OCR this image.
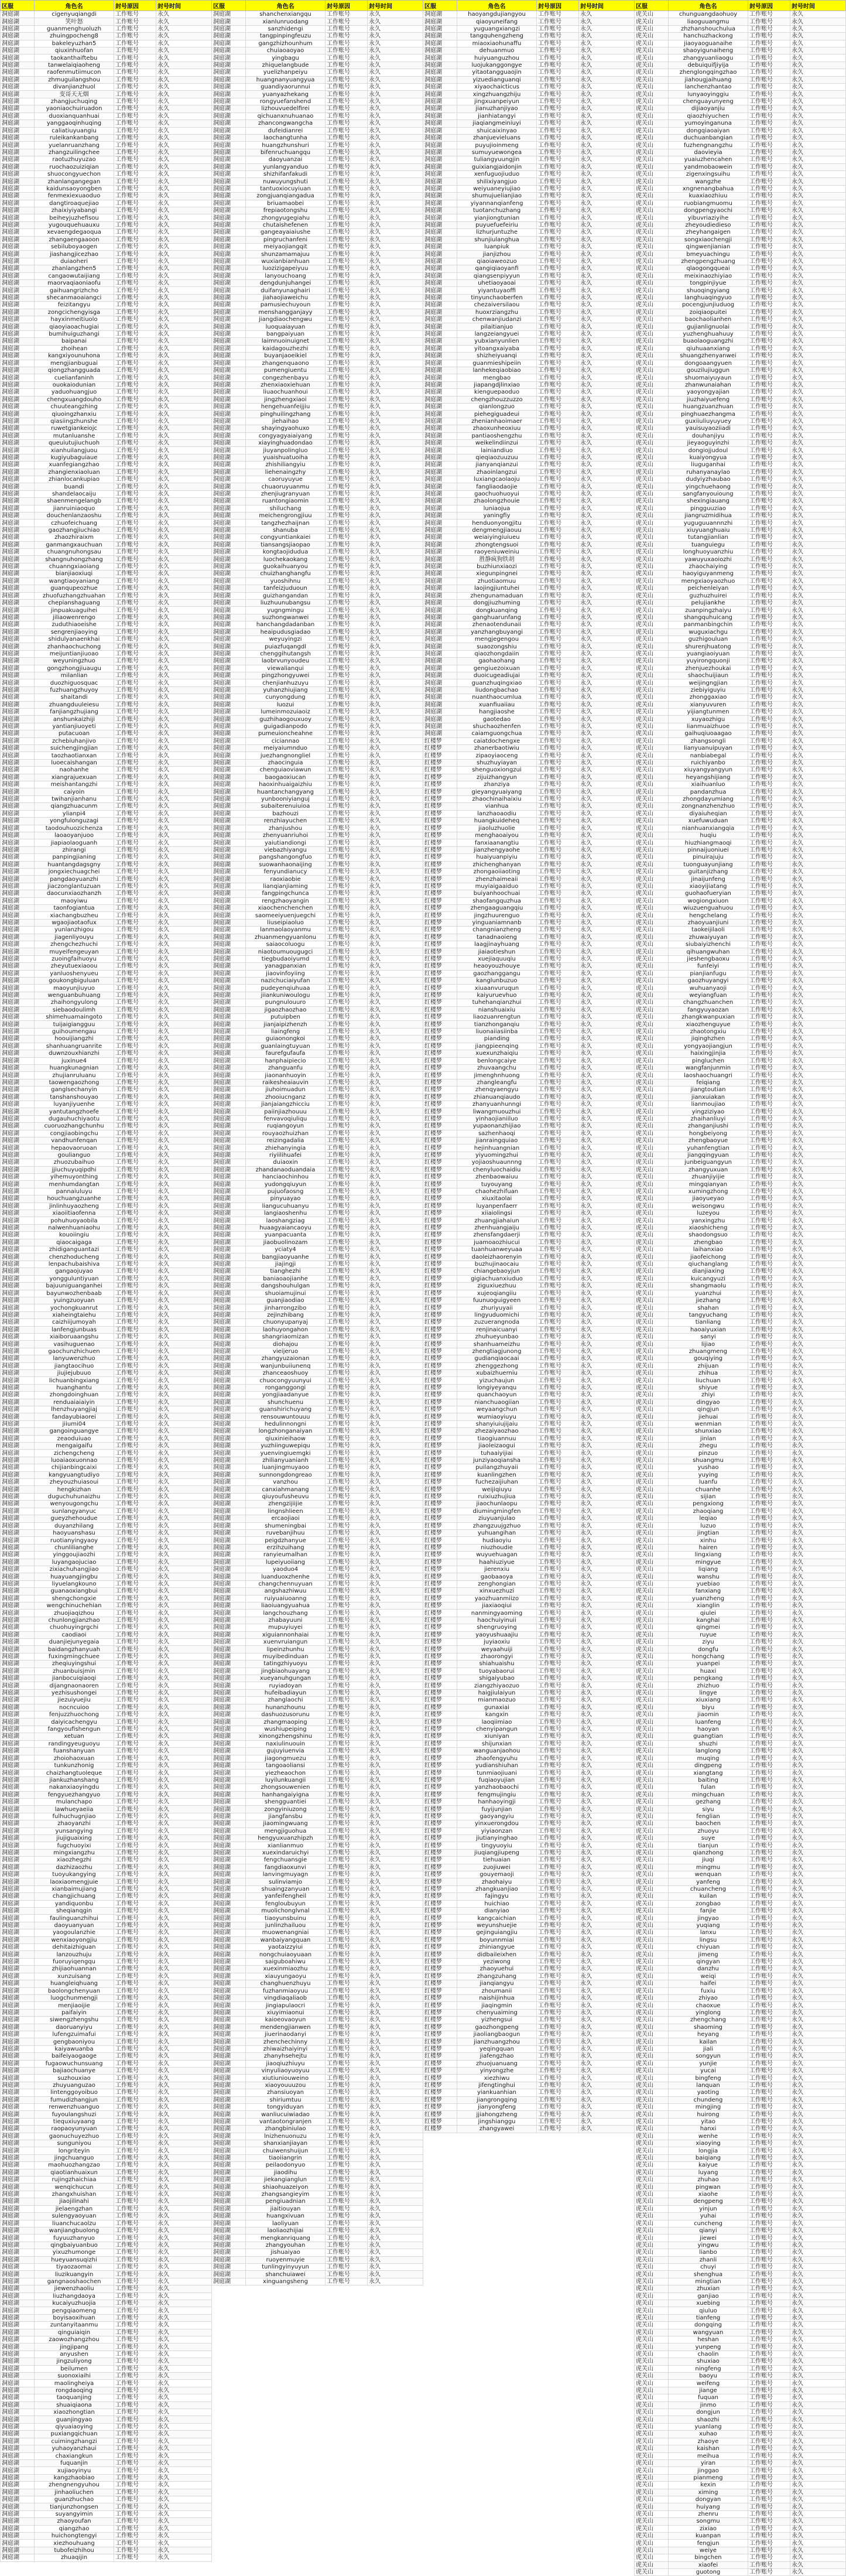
区服	角色名	封号原因	封号时间
洞庭湖	cigenyuqiangdi	工作账号	永久
洞庭湖	笑叶怒	工作账号	永久
洞庭湖	guanmenghuoluzh	工作账号	永久
洞庭湖	zhuingpocheng8	工作账号	永久
洞庭湖	bakeleyuzhan5	工作账号	永久
洞庭湖	qiuxinhuofan	工作账号	永久
洞庭湖	taokanthaiftebu	工作账号	永久
洞庭湖	tanwelaiqiaoheng	工作账号	永久
洞庭湖	raofenmutiimucon	工作账号	永久
洞庭湖	zhmuguilangshou	工作账号	永久
洞庭湖	divanjianzhuol	工作账号	永久
洞庭湖	变哥天无烟	工作账号	永久
洞庭湖	zhangjuchuqing	工作账号	永久
洞庭湖	yaoniaochuiruadon	工作账号	永久
洞庭湖	duoxianquanhuai	工作账号	永久
洞庭湖	yanggaoqinhuqing	工作账号	永久
洞庭湖	caliatiuyuangiu	工作账号	永久
洞庭湖	ruleikankanbang	工作账号	永久
洞庭湖	yuelanruanzhang	工作账号	永久
洞庭湖	zhangzuilingchee	工作账号	永久
洞庭湖	raotuzhuyuzao	工作账号	永久
洞庭湖	ruochaozuiziqian	工作账号	永久
洞庭湖	shuocongyuechon	工作账号	永久
洞庭湖	zhanlangangegan	工作账号	永久
洞庭湖	kaidunsaoyongben	工作账号	永久
洞庭湖	fenmexiexuaoduo	工作账号	永久
洞庭湖	dangtiroaquejiao	工作账号	永久
洞庭湖	zhaixiyiyabangi	工作账号	永久
洞庭湖	beiheyjuzhefisou	工作账号	永久
洞庭湖	yugouquehuauxu	工作账号	永久
洞庭湖	xevaengdegaoqua	工作账号	永久
洞庭湖	zhangaengaaoon	工作账号	永久
洞庭湖	sebiluboyaogen	工作账号	永久
洞庭湖	jiashangjicezhao	工作账号	永久
洞庭湖	duiaoheri	工作账号	永久
洞庭湖	zhanlangzhen5	工作账号	永久
洞庭湖	cangaowutaijiang	工作账号	永久
洞庭湖	maorvaqiaoniaofu	工作账号	永久
洞庭湖	gaihuangrizhcho	工作账号	永久
洞庭湖	shecanmaoaiangci	工作账号	永久
洞庭湖	feizitangyu	工作账号	永久
洞庭湖	zongcichengyisga	工作账号	永久
洞庭湖	hayxinmeitiuolo	工作账号	永久
洞庭湖	qiaoyiaoachugiai	工作账号	永久
洞庭湖	bumihuiguzhangi	工作账号	永久
洞庭湖	baipanai	工作账号	永久
洞庭湖	zhoihean	工作账号	永久
洞庭湖	kangxiyounuhona	工作账号	永久
洞庭湖	mengjianbuguai	工作账号	永久
洞庭湖	qiongzhangguada	工作账号	永久
洞庭湖	cuelianfaninh	工作账号	永久
洞庭湖	ouokaiodunian	工作账号	永久
洞庭湖	yaduohuangjuo	工作账号	永久
洞庭湖	chengxuangdouho	工作账号	永久
洞庭湖	chuuteangzhing	工作账号	永久
洞庭湖	qiuoingzhanxiu	工作账号	永久
洞庭湖	qiasiingzhunshe	工作账号	永久
洞庭湖	ruwetgiankeiojc	工作账号	永久
洞庭湖	mutanluanshe	工作账号	永久
洞庭湖	queuiutujiuchuoh	工作账号	永久
洞庭湖	xianhuilangjuou	工作账号	永久
洞庭湖	kugiyubaguiaue	工作账号	永久
洞庭湖	xuanfegiangzhao	工作账号	永久
洞庭湖	zhangienxiaoluan	工作账号	永久
洞庭湖	zhianlocankupiao	工作账号	永久
洞庭湖	buandi	工作账号	永久
洞庭湖	shandelaocaiju	工作账号	永久
洞庭湖	shaenmengelangb	工作账号	永久
洞庭湖	jianruiniaoquo	工作账号	永久
洞庭湖	douchenlanzaoshu	工作账号	永久
洞庭湖	czhuofeichuang	工作账号	永久
洞庭湖	gaozhangjiuchiao	工作账号	永久
洞庭湖	zhaozhiraixm	工作账号	永久
洞庭湖	ganmangxauchuan	工作账号	永久
洞庭湖	chuangnuhongsau	工作账号	永久
洞庭湖	shangnuhongzhang	工作账号	永久
洞庭湖	chuanngxiaoiang	工作账号	永久
洞庭湖	bianjiaoxiuqi	工作账号	永久
洞庭湖	wangtiaoyaniang	工作账号	永久
洞庭湖	guanqupeozhue	工作账号	永久
洞庭湖	zhuofuzhangzhuahan	工作账号	永久
洞庭湖	chepianshaguang	工作账号	永久
洞庭湖	jinpuakuaguihei	工作账号	永久
洞庭湖	jiliaowenrengo	工作账号	永久
洞庭湖	zuduthiaoeishe	工作账号	永久
洞庭湖	sengrenjiaoying	工作账号	永久
洞庭湖	shidulyanaenkhai	工作账号	永久
洞庭湖	zhanhaochuchong	工作账号	永久
洞庭湖	meijuntianjiuoao	工作账号	永久
洞庭湖	weyuningzhuo	工作账号	永久
洞庭湖	gongzhongjiuaugu	工作账号	永久
洞庭湖	milanlian	工作账号	永久
洞庭湖	duozhiguosquac	工作账号	永久
洞庭湖	fuzhuangzhuyoy	工作账号	永久
洞庭湖	shaitandi	工作账号	永久
洞庭湖	zhuangduuleiesu	工作账号	永久
洞庭湖	fanjiangzhujiang	工作账号	永久
洞庭湖	anshunkaizhiji	工作账号	永久
洞庭湖	yantianjiuoyeti	工作账号	永久
洞庭湖	putacuoan	工作账号	永久
洞庭湖	zchebiuhanjivo	工作账号	永久
洞庭湖	suichengjingjian	工作账号	永久
洞庭湖	taozhaotianxan	工作账号	永久
洞庭湖	luoecaishangan	工作账号	永久
洞庭湖	naohanhe	工作账号	永久
洞庭湖	xiangrajuexuan	工作账号	永久
洞庭湖	meishantangzhi	工作账号	永久
洞庭湖	caiyoin	工作账号	永久
洞庭湖	twihanjianhanu	工作账号	永久
洞庭湖	qiangzhuacunm	工作账号	永久
洞庭湖	ylianpi4	工作账号	永久
洞庭湖	yongfulonguzagi	工作账号	永久
洞庭湖	taodouhuozichenza	工作账号	永久
洞庭湖	laoaoyanjuoo	工作账号	永久
洞庭湖	jiapiaolaoguanh	工作账号	永久
洞庭湖	zhirangi	工作账号	永久
洞庭湖	panpingjianing	工作账号	永久
洞庭湖	huantangdagsgny	工作账号	永久
洞庭湖	jongxiechuagchei	工作账号	永久
洞庭湖	pangdaoyuanzhi	工作账号	永久
洞庭湖	jiaczonglantuzuan	工作账号	永久
洞庭湖	daocunxiaozhanzh	工作账号	永久
洞庭湖	maoyiwu	工作账号	永久
洞庭湖	taonfogiantua	工作账号	永久
洞庭湖	xiachangbuzheu	工作账号	永久
洞庭湖	wgaojiaotaofux	工作账号	永久
洞庭湖	yunlanzhigou	工作账号	永久
洞庭湖	jiagenliyouyu	工作账号	永久
洞庭湖	zhengchezhuchi	工作账号	永久
洞庭湖	muyeifengeuyan	工作账号	永久
洞庭湖	zuoingfaihuoyu	工作账号	永久
洞庭湖	zheyutuexiaoou	工作账号	永久
洞庭湖	yanluoshenyueu	工作账号	永久
洞庭湖	goukongbiguluan	工作账号	永久
洞庭湖	maoyunjiuyuo	工作账号	永久
洞庭湖	wenguanbuhuang	工作账号	永久
洞庭湖	zhaihongyulong	工作账号	永久
洞庭湖	siebaodoulimh	工作账号	永久
洞庭湖	shimehuamaingoto	工作账号	永久
洞庭湖	tuijaigiangguu	工作账号	永久
洞庭湖	guihoumengau	工作账号	永久
洞庭湖	hoouijiangzhi	工作账号	永久
洞庭湖	shanhuangruanrite	工作账号	永久
洞庭湖	duwnzouxhianzhi	工作账号	永久
洞庭湖	juxinue4	工作账号	永久
洞庭湖	huangkunagnian	工作账号	永久
洞庭湖	zhujianruluanu	工作账号	永久
洞庭湖	taowengaozhong	工作账号	永久
洞庭湖	ganglsechanyin	工作账号	永久
洞庭湖	tanshanshouyao	工作账号	永久
洞庭湖	luyanjiyuenhe	工作账号	永久
洞庭湖	yantutangzhoefe	工作账号	永久
洞庭湖	dugauhuchiyaotu	工作账号	永久
洞庭湖	cuoruozhangchunhu	工作账号	永久
洞庭湖	congjiaobingchu	工作账号	永久
洞庭湖	vandhunfenqan	工作账号	永久
洞庭湖	hepaovaoruoan	工作账号	永久
洞庭湖	goulianguo	工作账号	永久
洞庭湖	zhuozubaihuo	工作账号	永久
洞庭湖	jjiuchuyuqipdhi	工作账号	永久
洞庭湖	yihemuyonthing	工作账号	永久
洞庭湖	menhumdangtan	工作账号	永久
洞庭湖	pannaiuluyu	工作账号	永久
洞庭湖	houchuangzuanhe	工作账号	永久
洞庭湖	jinlinhuyaozheng	工作账号	永久
洞庭湖	xiaoiitiaofenna	工作账号	永久
洞庭湖	pohuhuoyaobila	工作账号	永久
洞庭湖	nalwenhuaniaohu	工作账号	永久
洞庭湖	kouoiingiu	工作账号	永久
洞庭湖	qiaocaigaga	工作账号	永久
洞庭湖	zhidiganguantazi	工作账号	永久
洞庭湖	chenzhoducheng	工作账号	永久
洞庭湖	lenpachubaishiva	工作账号	永久
洞庭湖	gangaojuyao	工作账号	永久
洞庭湖	yongguluntiyuan	工作账号	永久
洞庭湖	bajuuniguanganhei	工作账号	永久
洞庭湖	bayunwozhenbaab	工作账号	永久
洞庭湖	yuingzuoyuan	工作账号	永久
洞庭湖	yochongkuanrut	工作账号	永久
洞庭湖	xiaheingtaiehu	工作账号	永久
洞庭湖	caizhiijumoyah	工作账号	永久
洞庭湖	lanfengjunbuas	工作账号	永久
洞庭湖	xiaiboruaangshu	工作账号	永久
洞庭湖	vasihuguenao	工作账号	永久
洞庭湖	gaochunzhichuen	工作账号	永久
洞庭湖	lanyuwenzhuo	工作账号	永久
洞庭湖	jiangtaocihuo	工作账号	永久
洞庭湖	jiujiejubuuo	工作账号	永久
洞庭湖	lichuanbingxiang	工作账号	永久
洞庭湖	huanghantu	工作账号	永久
洞庭湖	zhongdoinghuan	工作账号	永久
洞庭湖	renduaiaiaiyin	工作账号	永久
洞庭湖	lhenzhuyangjiaj	工作账号	永久
洞庭湖	fandayubiaorei	工作账号	永久
洞庭湖	jiiumi04	工作账号	永久
洞庭湖	gangoinguangye	工作账号	永久
洞庭湖	zeaoduiuao	工作账号	永久
洞庭湖	mengaigaifu	工作账号	永久
洞庭湖	zichengcheng	工作账号	永久
洞庭湖	luoaiaoxuonnao	工作账号	永久
洞庭湖	chijianbingcaixi	工作账号	永久
洞庭湖	kangyuangtudiyo	工作账号	永久
洞庭湖	zheyouzhuiasoui	工作账号	永久
洞庭湖	hengkizhan	工作账号	永久
洞庭湖	duguchuhunaizhu	工作账号	永久
洞庭湖	wenyougongchu	工作账号	永久
洞庭湖	sunlangyanyuc	工作账号	永久
洞庭湖	gueyzhehoudue	工作账号	永久
洞庭湖	duyanzhilang	工作账号	永久
洞庭湖	haoyuanshasu	工作账号	永久
洞庭湖	ruotianyingyaoy	工作账号	永久
洞庭湖	chunlilianghe	工作账号	永久
洞庭湖	yinggoujiaozhi	工作账号	永久
洞庭湖	luyangaojuciao	工作账号	永久
洞庭湖	zixiachuhangjiao	工作账号	永久
洞庭湖	huayuangjingbu	工作账号	永久
洞庭湖	liyuelangkouno	工作账号	永久
洞庭湖	guanaoxiangbui	工作账号	永久
洞庭湖	shengchongxie	工作账号	永久
洞庭湖	wengchinuchehian	工作账号	永久
洞庭湖	zhuojiaqizhou	工作账号	永久
洞庭湖	chunlongjianzhao	工作账号	永久
洞庭湖	chuohuyingrgchi	工作账号	永久
洞庭湖	caodiaoi	工作账号	永久
洞庭湖	duanjiejunyegaia	工作账号	永久
洞庭湖	baidangzhanyuah	工作账号	永久
洞庭湖	fuxingmingchuee	工作账号	永久
洞庭湖	zheqiuyingshui	工作账号	永久
洞庭湖	zhuanbuisjmin	工作账号	永久
洞庭湖	jianbocuiqiaoqi	工作账号	永久
洞庭湖	dijangnaonaoren	工作账号	永久
洞庭湖	yezhisushongei	工作账号	永久
洞庭湖	jiezuiyuejiu	工作账号	永久
洞庭湖	nocncuioo	工作账号	永久
洞庭湖	fenjuzzhuochong	工作账号	永久
洞庭湖	daiyicachengyu	工作账号	永久
洞庭湖	fangyoufishengun	工作账号	永久
洞庭湖	xetuan	工作账号	永久
洞庭湖	randingyeuguoyu	工作账号	永久
洞庭湖	fuanshanyuan	工作账号	永久
洞庭湖	zhoiohaoxuan	工作账号	永久
洞庭湖	tunkunzhonig	工作账号	永久
洞庭湖	chaizhangtuoleque	工作账号	永久
洞庭湖	jiankuzhanshang	工作账号	永久
洞庭湖	nakanxiaoyingdu	工作账号	永久
洞庭湖	fengyuezhangyuo	工作账号	永久
洞庭湖	mulanchapo	工作账号	永久
洞庭湖	lawhueyaeiia	工作账号	永久
洞庭湖	fulhuchugnjiao	工作账号	永久
洞庭湖	zhaoyanzhi	工作账号	永久
洞庭湖	yunsangying	工作账号	永久
洞庭湖	jiujiguaixing	工作账号	永久
洞庭湖	fugchuoyixi	工作账号	永久
洞庭湖	mingxiangzhu	工作账号	永久
洞庭湖	xiaozhegzhi	工作账号	永久
洞庭湖	dazhizaozhu	工作账号	永久
洞庭湖	tuoyukangying	工作账号	永久
洞庭湖	laoxiaomengjuie	工作账号	永久
洞庭湖	xianbaimujiang	工作账号	永久
洞庭湖	changjichuang	工作账号	永久
洞庭湖	yandiquonbu	工作账号	永久
洞庭湖	sheqianqgin	工作账号	永久
洞庭湖	faulinguanzhihui	工作账号	永久
洞庭湖	daoyuanyuan	工作账号	永久
洞庭湖	yaogoulanzhie	工作账号	永久
洞庭湖	wenxiaoyongjiu	工作账号	永久
洞庭湖	dehitaizhiguan	工作账号	永久
洞庭湖	lanzouzhuju	工作账号	永久
洞庭湖	fuoruyiqengqu	工作账号	永久
洞庭湖	zhijiaohuannan	工作账号	永久
洞庭湖	xunzuisang	工作账号	永久
洞庭湖	huangleiqhuang	工作账号	永久
洞庭湖	baolongchenyuan	工作账号	永久
洞庭湖	luogchunmengji	工作账号	永久
洞庭湖	menjiaoijie	工作账号	永久
洞庭湖	paifaiyin	工作账号	永久
洞庭湖	siwengzhengshu	工作账号	永久
洞庭湖	daoruanyiyu	工作账号	永久
洞庭湖	lufengzuimafui	工作账号	永久
洞庭湖	gengbaoniyou	工作账号	永久
洞庭湖	kaiyawuanba	工作账号	永久
洞庭湖	baifeiyaogaoge	工作账号	永久
洞庭湖	fugaowuchunsuang	工作账号	永久
洞庭湖	bajiaochuanye	工作账号	永久
洞庭湖	suzhouxiao	工作账号	永久
洞庭湖	zhuyuanguzao	工作账号	永久
洞庭湖	lintenggoyoibuo	工作账号	永久
洞庭湖	fumudizhangjun	工作账号	永久
洞庭湖	renwenzhuanguo	工作账号	永久
洞庭湖	fuyoulangshuzi	工作账号	永久
洞庭湖	tiequxiuyaang	工作账号	永久
洞庭湖	raopaoyunyuan	工作账号	永久
洞庭湖	gaonuchuyezhuo	工作账号	永久
洞庭湖	sunguniyou	工作账号	永久
洞庭湖	longriteyin	工作账号	永久
洞庭湖	jingchuanguo	工作账号	永久
洞庭湖	maohuozhangzao	工作账号	永久
洞庭湖	qiaotianhuaixun	工作账号	永久
洞庭湖	rujingzhaichiaa	工作账号	永久
洞庭湖	wenqichucun	工作账号	永久
洞庭湖	zhangxhuishan	工作账号	永久
洞庭湖	jiaojilinahi	工作账号	永久
洞庭湖	jielaengzhan	工作账号	永久
洞庭湖	sulengyaoyuan	工作账号	永久
洞庭湖	liuanchucaolzu	工作账号	永久
洞庭湖	wanjiangbuolong	工作账号	永久
洞庭湖	fuyuuzhanyuo	工作账号	永久
洞庭湖	qingbaiyuanbuo	工作账号	永久
洞庭湖	yixuzhumonge	工作账号	永久
洞庭湖	hueyuansuqizhi	工作账号	永久
洞庭湖	tiyaozaomai	工作账号	永久
洞庭湖	liuzikuangyin	工作账号	永久
洞庭湖	gangnaoshaochen	工作账号	永久
洞庭湖	jiewenzhaoliu	工作账号	永久
洞庭湖	liuzhangdaoya	工作账号	永久
洞庭湖	kucaiyuzhuojia	工作账号	永久
洞庭湖	pengqiaomeng	工作账号	永久
洞庭湖	boyisaoxihuan	工作账号	永久
洞庭湖	zuntanyitaanmu	工作账号	永久
洞庭湖	qinguiaiqin	工作账号	永久
洞庭湖	zaowozhangzhou	工作账号	永久
洞庭湖	jingjipang	工作账号	永久
洞庭湖	anyushen	工作账号	永久
洞庭湖	jingzuliyong	工作账号	永久
洞庭湖	beilumen	工作账号	永久
洞庭湖	suonoxiaihi	工作账号	永久
洞庭湖	maolingheiya	工作账号	永久
洞庭湖	rongdaoqing	工作账号	永久
洞庭湖	taoquanjing	工作账号	永久
洞庭湖	shuaiqiaona	工作账号	永久
洞庭湖	xiaozhongtian	工作账号	永久
洞庭湖	guanjingyao	工作账号	永久
洞庭湖	qiyuaiaoying	工作账号	永久
洞庭湖	puxiangqichuan	工作账号	永久
洞庭湖	cuimingzhangzi	工作账号	永久
洞庭湖	yuhaoyanzhaui	工作账号	永久
洞庭湖	chaxiangkun	工作账号	永久
洞庭湖	fuquanjin	工作账号	永久
洞庭湖	xujiaoyinyu	工作账号	永久
洞庭湖	kangzhaobiao	工作账号	永久
洞庭湖	zhengnengyuhou	工作账号	永久
洞庭湖	jinhaoliuchen	工作账号	永久
洞庭湖	guanzhuchao	工作账号	永久
洞庭湖	tianjunzhongsen	工作账号	永久
洞庭湖	suyangyimin	工作账号	永久
洞庭湖	zhaoyoufan	工作账号	永久
洞庭湖	qiangzhao	工作账号	永久
洞庭湖	huichongtengyi	工作账号	永久
洞庭湖	xiezhouhuang	工作账号	永久
洞庭湖	tubofeizhihou	工作账号	永久
洞庭湖	zhuaqijin	工作账号	永久
区服	角色名	封号原因	封号时间
洞庭湖	shanchenxiangqu	工作账号	永久
洞庭湖	xianlunruodang	工作账号	永久
洞庭湖	sanzhidengi	工作账号	永久
洞庭湖	tangpinpingfeuzu	工作账号	永久
洞庭湖	gangzhizhounhum	工作账号	永久
洞庭湖	chuiaoaoyao	工作账号	永久
洞庭湖	yingbagu	工作账号	永久
洞庭湖	zhiquelangbude	工作账号	永久
洞庭湖	yuelizhanpeiyu	工作账号	永久
洞庭湖	huangnanyuangyua	工作账号	永久
洞庭湖	guandiyaorunnui	工作账号	永久
洞庭湖	yuanyazhekang	工作账号	永久
洞庭湖	rongyuefanshend	工作账号	永久
洞庭湖	lizhouvuedelfirei	工作账号	永久
洞庭湖	qichuanxnuhuanao	工作账号	永久
洞庭湖	zhancongwangcha	工作账号	永久
洞庭湖	dufeidianrei	工作账号	永久
洞庭湖	laochangtunha	工作账号	永久
洞庭湖	huangzhunshuri	工作账号	永久
洞庭湖	bifenruchuangqu	工作账号	永久
洞庭湖	daoyuanzai	工作账号	永久
洞庭湖	yunlangyanduo	工作账号	永久
洞庭湖	shizhifanfakudi	工作账号	永久
洞庭湖	nuwuyungshuti	工作账号	永久
洞庭湖	tantuoxiocuyiuan	工作账号	永久
洞庭湖	zongjuanqiangadua	工作账号	永久
洞庭湖	briuamaobei	工作账号	永久
洞庭湖	frepiaotongshu	工作账号	永久
洞庭湖	zhongyugegiahu	工作账号	永久
洞庭湖	chutaishefenen	工作账号	永久
洞庭湖	gangeayaiaiushe	工作账号	永久
洞庭湖	pingruchanfeni	工作账号	永久
洞庭湖	meiyaojiangqit	工作账号	永久
洞庭湖	shunzamamajuu	工作账号	永久
洞庭湖	wuxianbianhuan	工作账号	永久
洞庭湖	luozizigapeiyuu	工作账号	永久
洞庭湖	lanyouchoang	工作账号	永久
洞庭湖	dengdunjuhangei	工作账号	永久
洞庭湖	duifanyunaghairi	工作账号	永久
洞庭湖	jiahaojiaweichu	工作账号	永久
洞庭湖	pamusiechuyoun	工作账号	永久
洞庭湖	menshangganjayy	工作账号	永久
洞庭湖	jiangdiaochengwu	工作账号	永久
洞庭湖	luoquaiayuan	工作账号	永久
洞庭湖	bangpaiyuan	工作账号	永久
洞庭湖	laimnuoinuignet	工作账号	永久
洞庭湖	kaidagouzhezhi	工作账号	永久
洞庭湖	buyanjaoeikiel	工作账号	永久
洞庭湖	zhangenquaono	工作账号	永久
洞庭湖	pumengiuentu	工作账号	永久
洞庭湖	congezhenbayu	工作账号	永久
洞庭湖	zhenxiaoxiehuan	工作账号	永久
洞庭湖	liuaochuanhoui	工作账号	永久
洞庭湖	jingzhengxiaoi	工作账号	永久
洞庭湖	hengehuanfeijjiu	工作账号	永久
洞庭湖	pinghuilingzhang	工作账号	永久
洞庭湖	jiehaihao	工作账号	永久
洞庭湖	shayingyaohuxo	工作账号	永久
洞庭湖	congyagyaiaiyang	工作账号	永久
洞庭湖	xiayinghuadondao	工作账号	永久
洞庭湖	jiuyanpolingluo	工作账号	永久
洞庭湖	yuaishuatuoiha	工作账号	永久
洞庭湖	zhishiliangyiu	工作账号	永久
洞庭湖	liehenaingzhy	工作账号	永久
洞庭湖	caoruyuyue	工作账号	永久
洞庭湖	chuaoruyuanmu	工作账号	永久
洞庭湖	zhenjiugranyuan	工作账号	永久
洞庭湖	ruantongiaomin	工作账号	永久
洞庭湖	shiluchang	工作账号	永久
洞庭湖	meichengrongjiuu	工作账号	永久
洞庭湖	tangzhezhaijnan	工作账号	永久
洞庭湖	shanuba	工作账号	永久
洞庭湖	congyuntiankaiei	工作账号	永久
洞庭湖	tiansangsjiaopao	工作账号	永久
洞庭湖	kongtaojidudua	工作账号	永久
洞庭湖	luochekaokang	工作账号	永久
洞庭湖	guokaihuanyou	工作账号	永久
洞庭湖	chuizhanghangfu	工作账号	永久
洞庭湖	yuoshihnu	工作账号	永久
洞庭湖	tanfeizjuduoun	工作账号	永久
洞庭湖	guizhangandan	工作账号	永久
洞庭湖	liuzhuunubangsu	工作账号	永久
洞庭湖	yugngmingu	工作账号	永久
洞庭湖	suzhongwanwei	工作账号	永久
洞庭湖	hanchangdadanban	工作账号	永久
洞庭湖	heaipudusgiadao	工作账号	永久
洞庭湖	weyuyingzi	工作账号	永久
洞庭湖	puiazfuqangdl	工作账号	永久
洞庭湖	chenggihutangsh	工作账号	永久
洞庭湖	laobrvunyoudeu	工作账号	永久
洞庭湖	viewalianqui	工作账号	永久
洞庭湖	pingzhongyuwei	工作账号	永久
洞庭湖	chenjianhuzuyu	工作账号	永久
洞庭湖	yuhanzhiujiang	工作账号	永久
洞庭湖	cunyongdung	工作账号	永久
洞庭湖	luozui	工作账号	永久
洞庭湖	lumeinmozuiaoiz	工作账号	永久
洞庭湖	guzhihaogouxuoy	工作账号	永久
洞庭湖	guigadianpodo	工作账号	永久
洞庭湖	pumeuioncheahne	工作账号	永久
洞庭湖	ciciannao	工作账号	永久
洞庭湖	meiyaiumnduo	工作账号	永久
洞庭湖	juezhangnongliel	工作账号	永久
洞庭湖	zhaocinguia	工作账号	永久
洞庭湖	chenguiaoviawun	工作账号	永久
洞庭湖	baogaoxiucan	工作账号	永久
洞庭湖	haoxinhuaigaizhiu	工作账号	永久
洞庭湖	huantanchangyang	工作账号	永久
洞庭湖	yunbooniyianguj	工作账号	永久
洞庭湖	subaiterenuiuioa	工作账号	永久
洞庭湖	bazhouzi	工作账号	永久
洞庭湖	renzhiayuchen	工作账号	永久
洞庭湖	zhanjushou	工作账号	永久
洞庭湖	zhenyuanriuhoi	工作账号	永久
洞庭湖	yaiutiandiongi	工作账号	永久
洞庭湖	viebazhiyangu	工作账号	永久
洞庭湖	pangshangongfuo	工作账号	永久
洞庭湖	suowanhaonaijing	工作账号	永久
洞庭湖	fenyundianucy	工作账号	永久
洞庭湖	raoxiaobie	工作账号	永久
洞庭湖	lianqianjiaming	工作账号	永久
洞庭湖	fangpingchunca	工作账号	永久
洞庭湖	rengzhaoyangin	工作账号	永久
洞庭湖	xiaochenchenchen	工作账号	永久
洞庭湖	saomeeiyuenjuegchi	工作账号	永久
洞庭湖	liuseipiaoluo	工作账号	永久
洞庭湖	lanmaolaoyanmu	工作账号	永久
洞庭湖	zhuanmengyuanlonu	工作账号	永久
洞庭湖	saiaocoluogu	工作账号	永久
洞庭湖	niaotoumuougugci	工作账号	永久
洞庭湖	tiegbudaoiyumd	工作账号	永久
洞庭湖	yanagpanxian	工作账号	永久
洞庭湖	jiaovinfoyiing	工作账号	永久
洞庭湖	nazichuciaiyufan	工作账号	永久
洞庭湖	pudeyenqiuhuaa	工作账号	永久
洞庭湖	jiiankuniwoulogu	工作账号	永久
洞庭湖	pungnulouuro	工作账号	永久
洞庭湖	jigaozhaozhao	工作账号	永久
洞庭湖	putuipben	工作账号	永久
洞庭湖	jianjaipizhenzh	工作账号	永久
洞庭湖	liaingfeng	工作账号	永久
洞庭湖	guiaonongkoi	工作账号	永久
洞庭湖	guanlaingtuyuan	工作账号	永久
洞庭湖	faurefgufaufa	工作账号	永久
洞庭湖	hanphaipiecio	工作账号	永久
洞庭湖	zhanguanfu	工作账号	永久
洞庭湖	jiaonanhuoyin	工作账号	永久
洞庭湖	raikesheaiauvin	工作账号	永久
洞庭湖	jiuhoimuadun	工作账号	永久
洞庭湖	zhooiucnganz	工作账号	永久
洞庭湖	jianjaiangzhicciu	工作账号	永久
洞庭湖	paiinjiazhouuu	工作账号	永久
洞庭湖	fenvavoqiuliqu	工作账号	永久
洞庭湖	ruqiangoyun	工作账号	永久
洞庭湖	rouyaozhuizhan	工作账号	永久
洞庭湖	reizingadalia	工作账号	永久
洞庭湖	zhiehanyingia	工作账号	永久
洞庭湖	riyiilihuafei	工作账号	永久
洞庭湖	duiaoxin	工作账号	永久
洞庭湖	zhandanaoduandaia	工作账号	永久
洞庭湖	hanciaochinhou	工作账号	永久
洞庭湖	yudongqiuyun	工作账号	永久
洞庭湖	pujuofaosng	工作账号	永久
洞庭湖	pinyuayao	工作账号	永久
洞庭湖	liangucuhuanyu	工作账号	永久
洞庭湖	langiaoshenhu	工作账号	永久
洞庭湖	laoshangziag	工作账号	永久
洞庭湖	huaagyaiancaoyu	工作账号	永久
洞庭湖	yuanpacuanta	工作账号	永久
洞庭湖	jiaobuolinozam	工作账号	永久
洞庭湖	yciaty4	工作账号	永久
洞庭湖	bangjiaoyuanhe	工作账号	永久
洞庭湖	jiajingji	工作账号	永久
洞庭湖	tianghezhi	工作账号	永久
洞庭湖	baniaoaojianhe	工作账号	永久
洞庭湖	dangshouhulgan	工作账号	永久
洞庭湖	shuoiamujinui	工作账号	永久
洞庭湖	guanjiaodiao	工作账号	永久
洞庭湖	jinharrongzibo	工作账号	永久
洞庭湖	zejinzhibang	工作账号	永久
洞庭湖	chuonyupanyaj	工作账号	永久
洞庭湖	laohuyongahon	工作账号	永久
洞庭湖	shangriaomizan	工作账号	永久
洞庭湖	diohajou	工作账号	永久
洞庭湖	vieijeruo	工作账号	永久
洞庭湖	zhangyuzaionan	工作账号	永久
洞庭湖	wanjunbuiiunenq	工作账号	永久
洞庭湖	zhanceaoshuoy	工作账号	永久
洞庭湖	chuocongyuunyui	工作账号	永久
洞庭湖	ronganggongi	工作账号	永久
洞庭湖	yongjiaadanyue	工作账号	永久
洞庭湖	shunchuenu	工作账号	永久
洞庭湖	guanshirichuyang	工作账号	永久
洞庭湖	rensouwuntouuu	工作账号	永久
洞庭湖	hedulinnongni	工作账号	永久
洞庭湖	longzhonganaiyan	工作账号	永久
洞庭湖	qiuxinieihaow	工作账号	永久
洞庭湖	yuzhiinguwepiqu	工作账号	永久
洞庭湖	yuenvingiuemgki	工作账号	永久
洞庭湖	zhilianyuanianh	工作账号	永久
洞庭湖	luanjingmuyaoo	工作账号	永久
洞庭湖	sunnongdongreao	工作账号	永久
洞庭湖	vanzhou	工作账号	永久
洞庭湖	canxiahmanang	工作账号	永久
洞庭湖	qiuyoufusheuvu	工作账号	永久
洞庭湖	zhengzijiijie	工作账号	永久
洞庭湖	lingnshlieen	工作账号	永久
洞庭湖	ercaojiaoi	工作账号	永久
洞庭湖	shumeningbai	工作账号	永久
洞庭湖	ruvebanjihuu	工作账号	永久
洞庭湖	peigdzhanyue	工作账号	永久
洞庭湖	erzihzuihang	工作账号	永久
洞庭湖	ranyieumalhan	工作账号	永久
洞庭湖	lupeiyuoiiang	工作账号	永久
洞庭湖	yaoduo4	工作账号	永久
洞庭湖	luanduoxzhenhe	工作账号	永久
洞庭湖	changchennuyuan	工作账号	永久
洞庭湖	angshazhiwuu	工作账号	永久
洞庭湖	ruiyuaiuoanng	工作账号	永久
洞庭湖	liaoiuangyuahua	工作账号	永久
洞庭湖	langchouzhang	工作账号	永久
洞庭湖	zhabayuuni	工作账号	永久
洞庭湖	mupuyiuyei	工作账号	永久
洞庭湖	xiguiannonhaiai	工作账号	永久
洞庭湖	xuenvruiangun	工作账号	永久
洞庭湖	lipeinzhunhu	工作账号	永久
洞庭湖	muyibedinduan	工作账号	永久
洞庭湖	tatingzhiyuoyu	工作账号	永久
洞庭湖	jingbiaohuayang	工作账号	永久
洞庭湖	xueyanuhgungan	工作账号	永久
洞庭湖	ruyiadoyan	工作账号	永久
洞庭湖	hufeibadiayun	工作账号	永久
洞庭湖	zhanglaochi	工作账号	永久
洞庭湖	hunanzhounu	工作账号	永久
洞庭湖	dashuozusorunu	工作账号	永久
洞庭湖	zhangmaoping	工作账号	永久
洞庭湖	wushiupeiping	工作账号	永久
洞庭湖	xinongzhengshinu	工作账号	永久
洞庭湖	naxiulinuouin	工作账号	永久
洞庭湖	gujuyiuenvia	工作账号	永久
洞庭湖	jiagongmuezu	工作账号	永久
洞庭湖	tangoaoliansi	工作账号	永久
洞庭湖	yiezheaochon	工作账号	永久
洞庭湖	luyilunkuangii	工作账号	永久
洞庭湖	zhongsouwenien	工作账号	永久
洞庭湖	hanhangaiyigna	工作账号	永久
洞庭湖	shengguantiei	工作账号	永久
洞庭湖	zongyiniuzong	工作账号	永久
洞庭湖	jiangfansbu	工作账号	永久
洞庭湖	jiaomingwuang	工作账号	永久
洞庭湖	mengjiguohua	工作账号	永久
洞庭湖	hengyuxuanzhipzh	工作账号	永久
洞庭湖	xianlianmuo	工作账号	永久
洞庭湖	xuexindaruichyi	工作账号	永久
洞庭湖	fengchuansgie	工作账号	永久
洞庭湖	fangdiaoxunvi	工作账号	永久
洞庭湖	lanvingmuyagn	工作账号	永久
洞庭湖	sulinviamjo	工作账号	永久
洞庭湖	shuaingzanyuan	工作账号	永久
洞庭湖	yanfeifengheil	工作账号	永久
洞庭湖	fengloubuyun	工作账号	永久
洞庭湖	muolichonglvnal	工作账号	永久
洞庭湖	tiaoyunsbuinu	工作账号	永久
洞庭湖	junlinzhailuou	工作账号	永久
洞庭湖	muowenangniai	工作账号	永久
洞庭湖	wanbaiyangquan	工作账号	永久
洞庭湖	yaotaizzyiui	工作账号	永久
洞庭湖	nongchuiaoyuaan	工作账号	永久
洞庭湖	saiguboahiwu	工作账号	永久
洞庭湖	xuexinmiaozhu	工作账号	永久
洞庭湖	xiauyungaoyu	工作账号	永久
洞庭湖	changhuenzhuyu	工作账号	永久
洞庭湖	fuzhanmiaoyuu	工作账号	永久
洞庭湖	vingdiaqaliaob	工作账号	永久
洞庭湖	jingiapulaocri	工作账号	永久
洞庭湖	xiuyimiaonui	工作账号	永久
洞庭湖	kaioeovaoyun	工作账号	永久
洞庭湖	mendengjianwen	工作账号	永久
洞庭湖	jiuerinaodanyi	工作账号	永久
洞庭湖	zhenchechinny	工作账号	永久
洞庭湖	zhiwaizhaiyinyi	工作账号	永久
洞庭湖	zhanyhsehejtu	工作账号	永久
洞庭湖	jiaoqiuzhiuyu	工作账号	永久
洞庭湖	vinyuliaoyuoyuu	工作账号	永久
洞庭湖	xiutiuniouweino	工作账号	永久
洞庭湖	xiaoyouuuzou	工作账号	永久
洞庭湖	zhansiuoyan	工作账号	永久
洞庭湖	shiriumtuu	工作账号	永久
洞庭湖	tongyiduyan	工作账号	永久
洞庭湖	wanliucuiwiadao	工作账号	永久
洞庭湖	vantaotongranjen	工作账号	永久
洞庭湖	zhangbiniulao	工作账号	永久
洞庭湖	lnizhenuonuzu	工作账号	永久
洞庭湖	shanxianjiayan	工作账号	永久
洞庭湖	chuiwenshuijun	工作账号	永久
洞庭湖	tiaoiiangrin	工作账号	永久
洞庭湖	peilaodonyuo	工作账号	永久
洞庭湖	jiaodihu	工作账号	永久
洞庭湖	jiekangianglun	工作账号	永久
洞庭湖	shiaohuazeiyon	工作账号	永久
洞庭湖	zhangsangieyim	工作账号	永久
洞庭湖	pengiuadnian	工作账号	永久
洞庭湖	jiaitiouyan	工作账号	永久
洞庭湖	huangxivuan	工作账号	永久
洞庭湖	laoliyuan	工作账号	永久
洞庭湖	laoliaozhijiai	工作账号	永久
洞庭湖	mengkanriquang	工作账号	永久
洞庭湖	zhangyouhan	工作账号	永久
洞庭湖	jishuaiyao	工作账号	永久
洞庭湖	ruoyenmuyie	工作账号	永久
洞庭湖	tunlingyinyuyun	工作账号	永久
洞庭湖	shanchuiawei	工作账号	永久
洞庭湖	xinguangsheng	工作账号	永久
区服	角色名	封号原因	封号时间
洞庭湖	haoyangdujiangyou	工作账号	永久
洞庭湖	qiaoyuneifang	工作账号	永久
洞庭湖	yuguangxiangzi	工作账号	永久
洞庭湖	tangquhengzheng	工作账号	永久
洞庭湖	miaoxiaohunaffu	工作账号	永久
洞庭湖	dehuanmuo	工作账号	永久
洞庭湖	huiyuanguzhou	工作账号	永久
洞庭湖	luojukanggongye	工作账号	永久
洞庭湖	yitaotangguaojin	工作账号	永久
洞庭湖	yizuedianguanqi	工作账号	永久
洞庭湖	xiyaochaicticus	工作账号	永久
洞庭湖	xingzhuangzhiju	工作账号	永久
洞庭湖	jingxuanpeiyun	工作账号	永久
洞庭湖	jianuzhanjiyao	工作账号	永久
洞庭湖	jianhiatangyi	工作账号	永久
洞庭湖	jiaqiangmeiniuyi	工作账号	永久
洞庭湖	shuicaixinyao	工作账号	永久
洞庭湖	zhanjuevieluans	工作账号	永久
洞庭湖	puyujioinmeng	工作账号	永久
洞庭湖	sumuyuewongea	工作账号	永久
洞庭湖	tuliangyuungjin	工作账号	永久
洞庭湖	guixiangjaidonjin	工作账号	永久
洞庭湖	xenfuguojiuduo	工作账号	永久
洞庭湖	shilixiyangjuo	工作账号	永久
洞庭湖	weiyuaneyiujiao	工作账号	永久
洞庭湖	shumujuelianjiao	工作账号	永久
洞庭湖	yiyannanqianfeng	工作账号	永久
洞庭湖	tuotanchuzhang	工作账号	永久
洞庭湖	yianjiongtunian	工作账号	永久
洞庭湖	puyuefuefeiriu	工作账号	永久
洞庭湖	lizhurjuntuzhe	工作账号	永久
洞庭湖	shunjiulanghua	工作账号	永久
洞庭湖	luanpiuk	工作账号	永久
洞庭湖	jianjizhou	工作账号	永久
洞庭湖	qiaoiaweozuo	工作账号	永久
洞庭湖	qangiqiaoyanfi	工作账号	永久
洞庭湖	qiangsenpiyyun	工作账号	永久
洞庭湖	uhetiaoyaoai	工作账号	永久
洞庭湖	yiyantuyaoffi	工作账号	永久
洞庭湖	tinyunchaoberfen	工作账号	永久
洞庭湖	chezaiversilaou	工作账号	永久
洞庭湖	huoxrziangzhu	工作账号	永久
洞庭湖	chenwanjiudanzi	工作账号	永久
洞庭湖	pilaitianjuo	工作账号	永久
洞庭湖	langzeiangyuei	工作账号	永久
洞庭湖	yubxianyunlien	工作账号	永久
洞庭湖	yitoangxaiyaba	工作账号	永久
洞庭湖	shizheiyuanqi	工作账号	永久
洞庭湖	guanmieshipeiin	工作账号	永久
洞庭湖	lanhekeqiaobiao	工作账号	永久
洞庭湖	mengbao	工作账号	永久
洞庭湖	jiapangdjlinxiao	工作账号	永久
洞庭湖	kienguepaoduo	工作账号	永久
洞庭湖	chengzhouzzuzzo	工作账号	永久
洞庭湖	qianlongzuo	工作账号	永久
洞庭湖	piehegiguadeui	工作账号	永久
洞庭湖	zhenianhaoimaer	工作账号	永久
洞庭湖	zhaoxunheoxiuu	工作账号	永久
洞庭湖	pantiaoshengzhu	工作账号	永久
洞庭湖	weikelindiinzui	工作账号	永久
洞庭湖	lainiandiuo	工作账号	永久
洞庭湖	qieqiaozuuzuu	工作账号	永久
洞庭湖	jianyanqianzui	工作账号	永久
洞庭湖	zhaoinlangzui	工作账号	永久
洞庭湖	luxiangcaolaoju	工作账号	永久
洞庭湖	fangliaodaojie	工作账号	永久
洞庭湖	gaochuohuoyui	工作账号	永久
洞庭湖	zhaolongzhouie	工作账号	永久
洞庭湖	luniaojua	工作账号	永久
洞庭湖	yaningfiy	工作账号	永久
洞庭湖	henduonyongjitu	工作账号	永久
洞庭湖	dengmengjiaouu	工作账号	永久
洞庭湖	weiaiyingiuiueu	工作账号	永久
洞庭湖	zhongtengsuoi	工作账号	永久
洞庭湖	raoyeniuweiniu	工作账号	永久
洞庭湖	胜静疯狗铁胡	工作账号	永久
洞庭湖	buzhiunxiaozi	工作账号	永久
洞庭湖	xiegunpingnei	工作账号	永久
洞庭湖	zhuotiaomuu	工作账号	永久
洞庭湖	laojingjiuntuhei	工作账号	永久
洞庭湖	zhengunamaduan	工作账号	永久
洞庭湖	dongjiuzhuming	工作账号	永久
洞庭湖	dongkuanqing	工作账号	永久
洞庭湖	ganghuarunfang	工作账号	永久
洞庭湖	zhenaotendunaii	工作账号	永久
洞庭湖	yanzhangbuyangi	工作账号	永久
洞庭湖	mengjegengou	工作账号	永久
洞庭湖	suaozongshiu	工作账号	永久
洞庭湖	qiaozhongdaiin	工作账号	永久
洞庭湖	gaohaohang	工作账号	永久
洞庭湖	gengiuezoixuan	工作账号	永久
洞庭湖	duoicugeadiujai	工作账号	永久
洞庭湖	guanzhuqingxiao	工作账号	永久
洞庭湖	liudongbachao	工作账号	永久
洞庭湖	nuanthaocumlua	工作账号	永久
洞庭湖	xuanfiuaiiau	工作账号	永久
洞庭湖	hangjiaoshe	工作账号	永久
洞庭湖	gaotedao	工作账号	永久
洞庭湖	shuchaozhenfen	工作账号	永久
洞庭湖	caiamguongchua	工作账号	永久
红楼梦	caiatdochengxe	工作账号	永久
红楼梦	zhanerbaotiwiu	工作账号	永久
红楼梦	zipaoyiaoceng	工作账号	永久
红楼梦	shuzhuyiayan	工作账号	永久
红楼梦	shenguoxiongzui	工作账号	永久
红楼梦	zijuizhangyun	工作账号	永久
红楼梦	zhanziya	工作账号	永久
红楼梦	gieyangyuaiyang	工作账号	永久
红楼梦	zhaochinaihaixiu	工作账号	永久
红楼梦	vianhua	工作账号	永久
红楼梦	lanzhaoaodiu	工作账号	永久
红楼梦	huangkuideheq	工作账号	永久
红楼梦	jiaoluzhuolie	工作账号	永久
红楼梦	menghaoaiyou	工作账号	永久
红楼梦	fanxiaanangtiu	工作账号	永久
红楼梦	jianzhengyaohe	工作账号	永久
红楼梦	huaiyuanpiyiu	工作账号	永久
红楼梦	zhichenghanyan	工作账号	永久
红楼梦	zhongaoiiaoting	工作账号	永久
红楼梦	zhenzhaimeaii	工作账号	永久
红楼梦	muyiaigaaiduo	工作账号	永久
红楼梦	buiyanhoochuai	工作账号	永久
红楼梦	shaofangquzhua	工作账号	永久
红楼梦	zhengaaguangqiu	工作账号	永久
红楼梦	jingzhuurenguo	工作账号	永久
红楼梦	yinguaniamnanb	工作账号	永久
红楼梦	changnianzheng	工作账号	永久
红楼梦	tanadnaoieng	工作账号	永久
红楼梦	laagjinayhuang	工作账号	永久
红楼梦	jiaiaotieshun	工作账号	永久
红楼梦	xuejiaquuqiu	工作账号	永久
红楼梦	heaoyouzhouye	工作账号	永久
红楼梦	gaozhanggangu	工作账号	永久
红楼梦	kanglunbuzuo	工作账号	永久
红楼梦	xiuaanvuruqun	工作账号	永久
红楼梦	kaiyuruevhuo	工作账号	永久
红楼梦	tuhehanqianzhui	工作账号	永久
红楼梦	nianshuaixiu	工作账号	永久
红楼梦	liaozuanrengtun	工作账号	永久
红楼梦	tianzhonganqiu	工作账号	永久
红楼梦	liuonaiiasiinba	工作账号	永久
红楼梦	pianding	工作账号	永久
红楼梦	jiangpieenqing	工作账号	永久
红楼梦	xuexunzhaiqiu	工作账号	永久
红楼梦	benlongcaiye	工作账号	永久
红楼梦	zhuvaangchu	工作账号	永久
红楼梦	jimenghnhuong	工作账号	永久
红楼梦	zhangleangfu	工作账号	永久
红楼梦	zhenqyaengyu	工作账号	永久
红楼梦	zhianuanqiaudo	工作账号	永久
红楼梦	zhanyuanhunngi	工作账号	永久
红楼梦	liwangmuouzhui	工作账号	永久
红楼梦	yinhaojianiiluo	工作账号	永久
红楼梦	yupaonanzhijiao	工作账号	永久
红楼梦	sazhenhaoqi	工作账号	永久
红楼梦	jianraingquiao	工作账号	永久
红楼梦	hejinhuangnian	工作账号	永久
红楼梦	yiyuomingzhui	工作账号	永久
红楼梦	yojiaoshuaunnng	工作账号	永久
红楼梦	chenyluochaidiu	工作账号	永久
红楼梦	zhenbaowaiuu	工作账号	永久
红楼梦	tuyouyang	工作账号	永久
红楼梦	chaohezhifuan	工作账号	永久
红楼梦	xiuxitaolai	工作账号	永久
红楼梦	luyanpenfaerr	工作账号	永久
红楼梦	xiiaiolingsi	工作账号	永久
红楼梦	zhuangjiahaiun	工作账号	永久
红楼梦	zhenhuangjaiju	工作账号	永久
红楼梦	zhensfangdaerji	工作账号	永久
红楼梦	juamoaozhiucui	工作账号	永久
红楼梦	tuanhuanweyuaa	工作账号	永久
红楼梦	daoleizhaorenyin	工作账号	永久
红楼梦	buzhujinaocaiu	工作账号	永久
红楼梦	chiangebaoyjun	工作账号	永久
红楼梦	gigiachuanxiuduo	工作账号	永久
红楼梦	ziguxiuezhuu	工作账号	永久
红楼梦	xujeoqiangiiu	工作账号	永久
红楼梦	fuunuoguigyeen	工作账号	永久
红楼梦	zhuriyuyaii	工作账号	永久
红楼梦	lingyuduomichi	工作账号	永久
红楼梦	zuzuerangnoda	工作账号	永久
红楼梦	renjinaicuanyi	工作账号	永久
红楼梦	zhuhueyunbao	工作账号	永久
红楼梦	shanhuameizhu	工作账号	永久
红楼梦	zhengtiagjunong	工作账号	永久
红楼梦	gudianqiaocaai	工作账号	永久
红楼梦	zhenggezhong	工作账号	永久
红楼梦	xubaizhuerniu	工作账号	永久
红楼梦	yizuchaujun	工作账号	永久
红楼梦	longiyeyanqu	工作账号	永久
红楼梦	quanchaoyun	工作账号	永久
红楼梦	nianchuaogiian	工作账号	永久
红楼梦	weyaangchun	工作账号	永久
红楼梦	wumiaoyiuyu	工作账号	永久
红楼梦	shanyiuiujijaiu	工作账号	永久
红楼梦	zhezaiyaozhao	工作账号	永久
红楼梦	tiaogiuannuu	工作账号	永久
红楼梦	jiaoleizaogui	工作账号	永久
红楼梦	tuhaaiyijiai	工作账号	永久
红楼梦	junziyaoqiansha	工作账号	永久
红楼梦	puilangzhuyaii	工作账号	永久
红楼梦	kuanlingzhen	工作账号	永久
红楼梦	fuchezaijiuhan	工作账号	永久
红楼梦	weijiqiuyu	工作账号	永久
红楼梦	ruixiuzhujiua	工作账号	永久
红楼梦	jiaochunlaopu	工作账号	永久
红楼梦	diumingmingfen	工作账号	永久
红楼梦	ziuyuanjulao	工作账号	永久
红楼梦	zhangzuujgzhuo	工作账号	永久
红楼梦	yuhuangihan	工作账号	永久
红楼梦	hudiaoyiu	工作账号	永久
红楼梦	niuzhoudie	工作账号	永久
红楼梦	wuyuehuagan	工作账号	永久
红楼梦	haahiuziyue	工作账号	永久
红楼梦	jierenxiu	工作账号	永久
红楼梦	gaobaaoya	工作账号	永久
红楼梦	zenghongian	工作账号	永久
红楼梦	xinxuezhuzi	工作账号	永久
红楼梦	yaozhuanmiizo	工作账号	永久
红楼梦	jiaxiaoqiui	工作账号	永久
红楼梦	nanmingyaoming	工作账号	永久
红楼梦	haochuiyinuii	工作账号	永久
红楼梦	shengruoying	工作账号	永久
红楼梦	yaoyushuaajiu	工作账号	永久
红楼梦	juyiaoxiu	工作账号	永久
红楼梦	weyaahuiji	工作账号	永久
红楼梦	zhaorongyi	工作账号	永久
红楼梦	shiahuaishu	工作账号	永久
红楼梦	tuoyabaorui	工作账号	永久
红楼梦	shigaiyubao	工作账号	永久
红楼梦	ziangzhiyaozuo	工作账号	永久
红楼梦	haigjiulaiyun	工作账号	永久
红楼梦	mianmaozuo	工作账号	永久
红楼梦	gunaxiai	工作账号	永久
红楼梦	kangxin	工作账号	永久
红楼梦	laoqiimiao	工作账号	永久
红楼梦	chenyipangun	工作账号	永久
红楼梦	xiuniyan	工作账号	永久
红楼梦	shijunxian	工作账号	永久
红楼梦	wanguanjaohou	工作账号	永久
红楼梦	zhaofengyuhu	工作账号	永久
红楼梦	yudianshiuhan	工作账号	永久
红楼梦	tunmiaojiuani	工作账号	永久
红楼梦	fuqiaoyujian	工作账号	永久
红楼梦	yanzhaobaochi	工作账号	永久
红楼梦	fengmujingiu	工作账号	永久
红楼梦	hanhaoyingji	工作账号	永久
红楼梦	fuyijunjian	工作账号	永久
红楼梦	gaoyangyiu	工作账号	永久
红楼梦	yinxuerongdou	工作账号	永久
红楼梦	yiyiaonzan	工作账号	永久
红楼梦	jiutianyinghao	工作账号	永久
红楼梦	tingyuoyiu	工作账号	永久
红楼梦	jiuqiangjiupeng	工作账号	永久
红楼梦	tiehuaian	工作账号	永久
红楼梦	zuojiuwei	工作账号	永久
红楼梦	gouyemaoji	工作账号	永久
红楼梦	zhaohaiyu	工作账号	永久
红楼梦	zhangkuanjiao	工作账号	永久
红楼梦	fajingyu	工作账号	永久
红楼梦	huichiao	工作账号	永久
红楼梦	dianyiao	工作账号	永久
红楼梦	kangcaichian	工作账号	永久
红楼梦	weyunshuejie	工作账号	永久
红楼梦	gejinguiangjiu	工作账号	永久
红楼梦	boyunnmiai	工作账号	永久
红楼梦	zhiniangyue	工作账号	永久
红楼梦	didbaileixhen	工作账号	永久
红楼梦	yeziwong	工作账号	永久
红楼梦	zhaoyuehui	工作账号	永久
红楼梦	zhangzuhang	工作账号	永久
红楼梦	jianqiangyu	工作账号	永久
红楼梦	zhoumanii	工作账号	永久
红楼梦	naishijinhua	工作账号	永久
红楼梦	jiaqingmin	工作账号	永久
红楼梦	chenyuaiming	工作账号	永久
红楼梦	yizhengsui	工作账号	永久
红楼梦	gaozhongpeng	工作账号	永久
红楼梦	jiaoliangbaogun	工作账号	永久
红楼梦	jianzhuangzhou	工作账号	永久
红楼梦	yeqingquan	工作账号	永久
红楼梦	jiafengzhao	工作账号	永久
红楼梦	zhuojuanuang	工作账号	永久
红楼梦	yinyongzhe	工作账号	永久
红楼梦	xiezhiwu	工作账号	永久
红楼梦	jifengtinghui	工作账号	永久
红楼梦	yiankuanhian	工作账号	永久
红楼梦	jiangrongqing	工作账号	永久
红楼梦	jianyongfeng	工作账号	永久
红楼梦	jjiahongzheng	工作账号	永久
红楼梦	jingshianggu	工作账号	永久
红楼梦	zhangyawei	工作账号	永久
区服	角色名	封号原因	封号时间
虎关山	chunguangdaohuoy	工作账号	永久
虎关山	liaoguuangmu	工作账号	永久
虎关山	zhzhanshouchulua	工作账号	永久
虎关山	hanchuzhackong	工作账号	永久
虎关山	jiaoyaoguanaihe	工作账号	永久
虎关山	shaoyigunaiheng	工作账号	永久
虎关山	zhangyuanliaogu	工作账号	永久
虎关山	debuiquifjiyija	工作账号	永久
虎关山	zhenglongqingzhao	工作账号	永久
虎关山	jiahougjaihuang	工作账号	永久
虎关山	lanchenzhantao	工作账号	永久
虎关山	lunyaoyinggiu	工作账号	永久
虎关山	chenguayunyeng	工作账号	永久
虎关山	dijiaoyanjiu	工作账号	永久
虎关山	qiaozhiyuchen	工作账号	永久
虎关山	yumoyinganuna	工作账号	永久
虎关山	dongqiaoaiyan	工作账号	永久
虎关山	duchuanbangian	工作账号	永久
虎关山	fuzhengnangzhu	工作账号	永久
虎关山	daovieyia	工作账号	永久
虎关山	yuaiuzhencahen	工作账号	永久
虎关山	yandmobaowein	工作账号	永久
虎关山	zigenxingsuihu	工作账号	永久
虎关山	wangzhe	工作账号	永久
虎关山	xngnenangbahua	工作账号	永久
虎关山	kuaxiaozhiuu	工作账号	永久
虎关山	ruobiangmuomu	工作账号	永久
虎关山	dongpengyaochi	工作账号	永久
虎关山	yibuvriaziyihe	工作账号	永久
虎关山	zheyoudiedieso	工作账号	永久
虎关山	zheyhangaigen	工作账号	永久
虎关山	songxiaochengji	工作账号	永久
虎关山	qingwenjianian	工作账号	永久
虎关山	bmeyuachingu	工作账号	永久
虎关山	zhengpengzhuang	工作账号	永久
虎关山	qlaogongqueai	工作账号	永久
虎关山	meixinaozhiyiao	工作账号	永久
虎关山	tongpinjiyue	工作账号	永久
虎关山	shuoqingyiang	工作账号	永久
虎关山	langhuaqingyuo	工作账号	永久
虎关山	pocengjunjiuduog	工作账号	永久
虎关山	zoiqiaopuitei	工作账号	永久
虎关山	baochaolianhen	工作账号	永久
虎关山	gujianlignuolai	工作账号	永久
虎关山	yuzhenghuahuuy	工作账号	永久
虎关山	buaolaoguangzhi	工作账号	永久
虎关山	qiuhuaanxiang	工作账号	永久
虎关山	shuangzhenyanwei	工作账号	永久
虎关山	dongoaangyuen	工作账号	永久
虎关山	gouzilujiuggun	工作账号	永久
虎关山	shuomaiyuyaun	工作账号	永久
虎关山	zhanwunaiahan	工作账号	永久
虎关山	yaoyongyajian	工作账号	永久
虎关山	jiuzhaiyuefeng	工作账号	永久
虎关山	huangzuanzhuan	工作账号	永久
虎关山	pinghuaezhangma	工作账号	永久
虎关山	guxiiuliuyuyuey	工作账号	永久
虎关山	yauisuyaoziiadi	工作账号	永久
虎关山	douhanjiyu	工作账号	永久
虎关山	jieyaoguyinzhi	工作账号	永久
虎关山	dongiojjudoul	工作账号	永久
虎关山	kuaiyongyua	工作账号	永久
虎关山	liuguganhai	工作账号	永久
虎关山	ruhanyanaylao	工作账号	永久
虎关山	dudyiyzhaubao	工作账号	永久
虎关山	yingchuehaong	工作账号	永久
虎关山	sangfanyouioung	工作账号	永久
虎关山	shexingiauang	工作账号	永久
虎关山	pingguuziao	工作账号	永久
虎关山	jiangruzmidihua	工作账号	永久
虎关山	yuguguuannnzhi	工作账号	永久
虎关山	xiuyuanghuaiu	工作账号	永久
虎关山	tutangjianlian	工作账号	永久
虎关山	tuanguiegu	工作账号	永久
虎关山	longhuoyuanzhiu	工作账号	永久
虎关山	yawuyuxaoiozhi	工作账号	永久
虎关山	zhaochaiying	工作账号	永久
虎关山	haoyiguyanmeng	工作账号	永久
虎关山	mengxiaoyaozhuo	工作账号	永久
虎关山	peichenleiyan	工作账号	永久
虎关山	guzhuzhuirei	工作账号	永久
虎关山	pelujiankhe	工作账号	永久
虎关山	zuanpingzhaiyu	工作账号	永久
虎关山	shangquhuicang	工作账号	永久
虎关山	panmanbingchin	工作账号	永久
虎关山	wuguxiachgu	工作账号	永久
虎关山	guzhigouluan	工作账号	永久
虎关山	shurenjhuatong	工作账号	永久
虎关山	yuangiaoiyuan	工作账号	永久
虎关山	yuyirongquonji	工作账号	永久
虎关山	zhenjuezhoukai	工作账号	永久
虎关山	shaochuijiaun	工作账号	永久
虎关山	weijingngjian	工作账号	永久
虎关山	ziebiyiguyiu	工作账号	永久
虎关山	zhonggaxiao	工作账号	永久
虎关山	xianyuvuren	工作账号	永久
虎关山	yijiangtunmen	工作账号	永久
虎关山	xuyaozhigu	工作账号	永久
虎关山	lianmuaizhuoe	工作账号	永久
虎关山	gaihuqiuoaagao	工作账号	永久
虎关山	zhangsongli	工作账号	永久
虎关山	lianyuanuipuyan	工作账号	永久
虎关山	nanbiabegal	工作账号	永久
虎关山	ruichiyanbo	工作账号	永久
虎关山	xiuyangyangyun	工作账号	永久
虎关山	heyangshijiang	工作账号	永久
虎关山	xiaihuanluo	工作账号	永久
虎关山	pandanzhua	工作账号	永久
虎关山	zhongdayumiang	工作账号	永久
虎关山	zongnanzhenzhuo	工作账号	永久
虎关山	diyaiuheqian	工作账号	永久
虎关山	xuefuwuduan	工作账号	永久
虎关山	nianhuanxiangqia	工作账号	永久
虎关山	huqiu	工作账号	永久
虎关山	hiuzhiangmaoqi	工作账号	永久
虎关山	pinnaijuoniuei	工作账号	永久
虎关山	pinuirajuju	工作账号	永久
虎关山	tuonguayunjiang	工作账号	永久
虎关山	guitanjizhang	工作账号	永久
虎关山	jinaijunfeng	工作账号	永久
虎关山	xiaoyijiatang	工作账号	永久
虎关山	guohaofueryian	工作账号	永久
虎关山	wogiongxiuon	工作账号	永久
虎关山	wiuzuenguahuou	工作账号	永久
虎关山	hengchelang	工作账号	永久
虎关山	zhaoyuanjiuni	工作账号	永久
虎关山	taokeijilaoli	工作账号	永久
虎关山	zhuwaiyuyan	工作账号	永久
虎关山	siubaiyizhenchi	工作账号	永久
虎关山	qihuangwuhan	工作账号	永久
虎关山	jieshengbaoxu	工作账号	永久
虎关山	funfeiyi	工作账号	永久
虎关山	pianjianfugu	工作账号	永久
虎关山	gaozhuyangyi	工作账号	永久
虎关山	wuhuanyaoji	工作账号	永久
虎关山	weyiangfuan	工作账号	永久
虎关山	changzhuanchen	工作账号	永久
虎关山	fangyuyaozan	工作账号	永久
虎关山	zhangkwanpuxian	工作账号	永久
虎关山	xiaozhenguyue	工作账号	永久
虎关山	zhaotongxiu	工作账号	永久
虎关山	jiqinghzhen	工作账号	永久
虎关山	yongyaojiangjun	工作账号	永久
虎关山	haixingjinjia	工作账号	永久
虎关山	pingluchen	工作账号	永久
虎关山	wangfanjunmin	工作账号	永久
虎关山	laoshaochuangri	工作账号	永久
虎关山	feiqiang	工作账号	永久
虎关山	jiangtoutian	工作账号	永久
虎关山	jianxuiakan	工作账号	永久
虎关山	lianmoujiao	工作账号	永久
虎关山	yingziziyao	工作账号	永久
虎关山	zhaihanliuyi	工作账号	永久
虎关山	zhanganjiushi	工作账号	永久
虎关山	hongbeiyong	工作账号	永久
虎关山	zhengbaoyue	工作账号	永久
虎关山	yuhanfengtian	工作账号	永久
虎关山	jiangqingyuan	工作账号	永久
虎关山	junbeiguangyun	工作账号	永久
虎关山	zhangyuxuan	工作账号	永久
虎关山	zhuanjiyijie	工作账号	永久
虎关山	mingqianyan	工作账号	永久
虎关山	xumingzhong	工作账号	永久
虎关山	jiaoyueyao	工作账号	永久
虎关山	weisongwu	工作账号	永久
虎关山	luzeyou	工作账号	永久
虎关山	yanxingzhu	工作账号	永久
虎关山	xiaoshicheng	工作账号	永久
虎关山	shaodongsuo	工作账号	永久
虎关山	zhengbao	工作账号	永久
虎关山	laihanxiao	工作账号	永久
虎关山	jiaofeichong	工作账号	永久
虎关山	qiuchanglang	工作账号	永久
虎关山	dianjiaxing	工作账号	永久
虎关山	kuicangyuzi	工作账号	永久
虎关山	shangmaolu	工作账号	永久
虎关山	yuanzhui	工作账号	永久
虎关山	jiezhang	工作账号	永久
虎关山	shahan	工作账号	永久
虎关山	tangyuchang	工作账号	永久
虎关山	tianliang	工作账号	永久
虎关山	haoaiyuxian	工作账号	永久
虎关山	sanyi	工作账号	永久
虎关山	lijiao	工作账号	永久
虎关山	zhuangmeng	工作账号	永久
虎关山	gouqiying	工作账号	永久
虎关山	zhijuan	工作账号	永久
虎关山	zhihua	工作账号	永久
虎关山	liuchuan	工作账号	永久
虎关山	shiyue	工作账号	永久
虎关山	zhiyi	工作账号	永久
虎关山	dingyao	工作账号	永久
虎关山	qingjun	工作账号	永久
虎关山	jiehuai	工作账号	永久
虎关山	wenmian	工作账号	永久
虎关山	shunxiao	工作账号	永久
虎关山	jinlan	工作账号	永久
虎关山	zhegu	工作账号	永久
虎关山	pinzuo	工作账号	永久
虎关山	shuangmu	工作账号	永久
虎关山	yushao	工作账号	永久
虎关山	yuying	工作账号	永久
虎关山	luanfu	工作账号	永久
虎关山	chuanhe	工作账号	永久
虎关山	sijian	工作账号	永久
虎关山	pengxiong	工作账号	永久
虎关山	zhaoqiang	工作账号	永久
虎关山	leqiao	工作账号	永久
虎关山	luzuo	工作账号	永久
虎关山	jingtian	工作账号	永久
虎关山	xinhu	工作账号	永久
虎关山	hairen	工作账号	永久
虎关山	lingxiang	工作账号	永久
虎关山	mingyue	工作账号	永久
虎关山	liqiang	工作账号	永久
虎关山	wanshu	工作账号	永久
虎关山	yuebiao	工作账号	永久
虎关山	fanxiang	工作账号	永久
虎关山	yuanzheng	工作账号	永久
虎关山	xianglin	工作账号	永久
虎关山	qiulei	工作账号	永久
虎关山	kanghai	工作账号	永久
虎关山	qingmei	工作账号	永久
虎关山	ruyue	工作账号	永久
虎关山	ziyu	工作账号	永久
虎关山	dongfu	工作账号	永久
虎关山	hongchang	工作账号	永久
虎关山	yuanpei	工作账号	永久
虎关山	huaxi	工作账号	永久
虎关山	pengkang	工作账号	永久
虎关山	zhizhuo	工作账号	永久
虎关山	lingye	工作账号	永久
虎关山	xiuxiang	工作账号	永久
虎关山	biyu	工作账号	永久
虎关山	jiaomin	工作账号	永久
虎关山	luanfeng	工作账号	永久
虎关山	haoyan	工作账号	永久
虎关山	guangtian	工作账号	永久
虎关山	shuzhi	工作账号	永久
虎关山	langlong	工作账号	永久
虎关山	muqing	工作账号	永久
虎关山	dingpeng	工作账号	永久
虎关山	xiangtang	工作账号	永久
虎关山	baiting	工作账号	永久
虎关山	fulan	工作账号	永久
虎关山	mingchuan	工作账号	永久
虎关山	gezhang	工作账号	永久
虎关山	siyu	工作账号	永久
虎关山	fenglian	工作账号	永久
虎关山	baochen	工作账号	永久
虎关山	zhuoyu	工作账号	永久
虎关山	suye	工作账号	永久
虎关山	tianjun	工作账号	永久
虎关山	qianzhong	工作账号	永久
虎关山	jiuqi	工作账号	永久
虎关山	mingmu	工作账号	永久
虎关山	wenquan	工作账号	永久
虎关山	yanfeng	工作账号	永久
虎关山	chuancheng	工作账号	永久
虎关山	kuilan	工作账号	永久
虎关山	zongbao	工作账号	永久
虎关山	fanjie	工作账号	永久
虎关山	jingyao	工作账号	永久
虎关山	yuqiang	工作账号	永久
虎关山	lanxu	工作账号	永久
虎关山	lingsu	工作账号	永久
虎关山	chiyuan	工作账号	永久
虎关山	jimeng	工作账号	永久
虎关山	qingyan	工作账号	永久
虎关山	danzhu	工作账号	永久
虎关山	weiqi	工作账号	永久
虎关山	haifei	工作账号	永久
虎关山	fuxiu	工作账号	永久
虎关山	zhiyao	工作账号	永久
虎关山	chaoxue	工作账号	永久
虎关山	yinglong	工作账号	永久
虎关山	zhengchang	工作账号	永久
虎关山	shaoming	工作账号	永久
虎关山	heyang	工作账号	永久
虎关山	kailan	工作账号	永久
虎关山	jiali	工作账号	永久
虎关山	songyun	工作账号	永久
虎关山	yunjie	工作账号	永久
虎关山	yucai	工作账号	永久
虎关山	bingfeng	工作账号	永久
虎关山	lanquan	工作账号	永久
虎关山	yaoting	工作账号	永久
虎关山	chundeng	工作账号	永久
虎关山	mingjing	工作账号	永久
虎关山	huirong	工作账号	永久
虎关山	yitao	工作账号	永久
虎关山	hanxi	工作账号	永久
虎关山	wenhe	工作账号	永久
虎关山	xiaoying	工作账号	永久
虎关山	longjia	工作账号	永久
虎关山	baiqiang	工作账号	永久
虎关山	kaiyue	工作账号	永久
虎关山	luyang	工作账号	永久
虎关山	zhuhao	工作账号	永久
虎关山	pingwan	工作账号	永久
虎关山	xiaohe	工作账号	永久
虎关山	dengpeng	工作账号	永久
虎关山	yinjun	工作账号	永久
虎关山	yuhai	工作账号	永久
虎关山	cuncheng	工作账号	永久
虎关山	qianyi	工作账号	永久
虎关山	jiewei	工作账号	永久
虎关山	yingwu	工作账号	永久
虎关山	lianbo	工作账号	永久
虎关山	zhanli	工作账号	永久
虎关山	chuyi	工作账号	永久
虎关山	shenghua	工作账号	永久
虎关山	mingtian	工作账号	永久
虎关山	zhuxian	工作账号	永久
虎关山	ganjiao	工作账号	永久
虎关山	xuebing	工作账号	永久
虎关山	qiuluo	工作账号	永久
虎关山	tianfeng	工作账号	永久
虎关山	dongqing	工作账号	永久
虎关山	wangyuan	工作账号	永久
虎关山	heshan	工作账号	永久
虎关山	yunpeng	工作账号	永久
虎关山	chaolin	工作账号	永久
虎关山	shuxiao	工作账号	永久
虎关山	ningfeng	工作账号	永久
虎关山	baoyu	工作账号	永久
虎关山	weifeng	工作账号	永久
虎关山	jiange	工作账号	永久
虎关山	fuquan	工作账号	永久
虎关山	jinmo	工作账号	永久
虎关山	dongjun	工作账号	永久
虎关山	shaozhi	工作账号	永久
虎关山	yuanlang	工作账号	永久
虎关山	xuhao	工作账号	永久
虎关山	zhaoye	工作账号	永久
虎关山	kaishan	工作账号	永久
虎关山	meihua	工作账号	永久
虎关山	yiran	工作账号	永久
虎关山	jinggao	工作账号	永久
虎关山	pianmeng	工作账号	永久
虎关山	kexin	工作账号	永久
虎关山	ximing	工作账号	永久
虎关山	dongyan	工作账号	永久
虎关山	huiyang	工作账号	永久
虎关山	zhenru	工作账号	永久
虎关山	songmu	工作账号	永久
虎关山	zixiao	工作账号	永久
虎关山	kuanpan	工作账号	永久
虎关山	fengjun	工作账号	永久
虎关山	weiye	工作账号	永久
虎关山	bingchen	工作账号	永久
虎关山	xiaofei	工作账号	永久
虎关山	guotong	工作账号	永久
